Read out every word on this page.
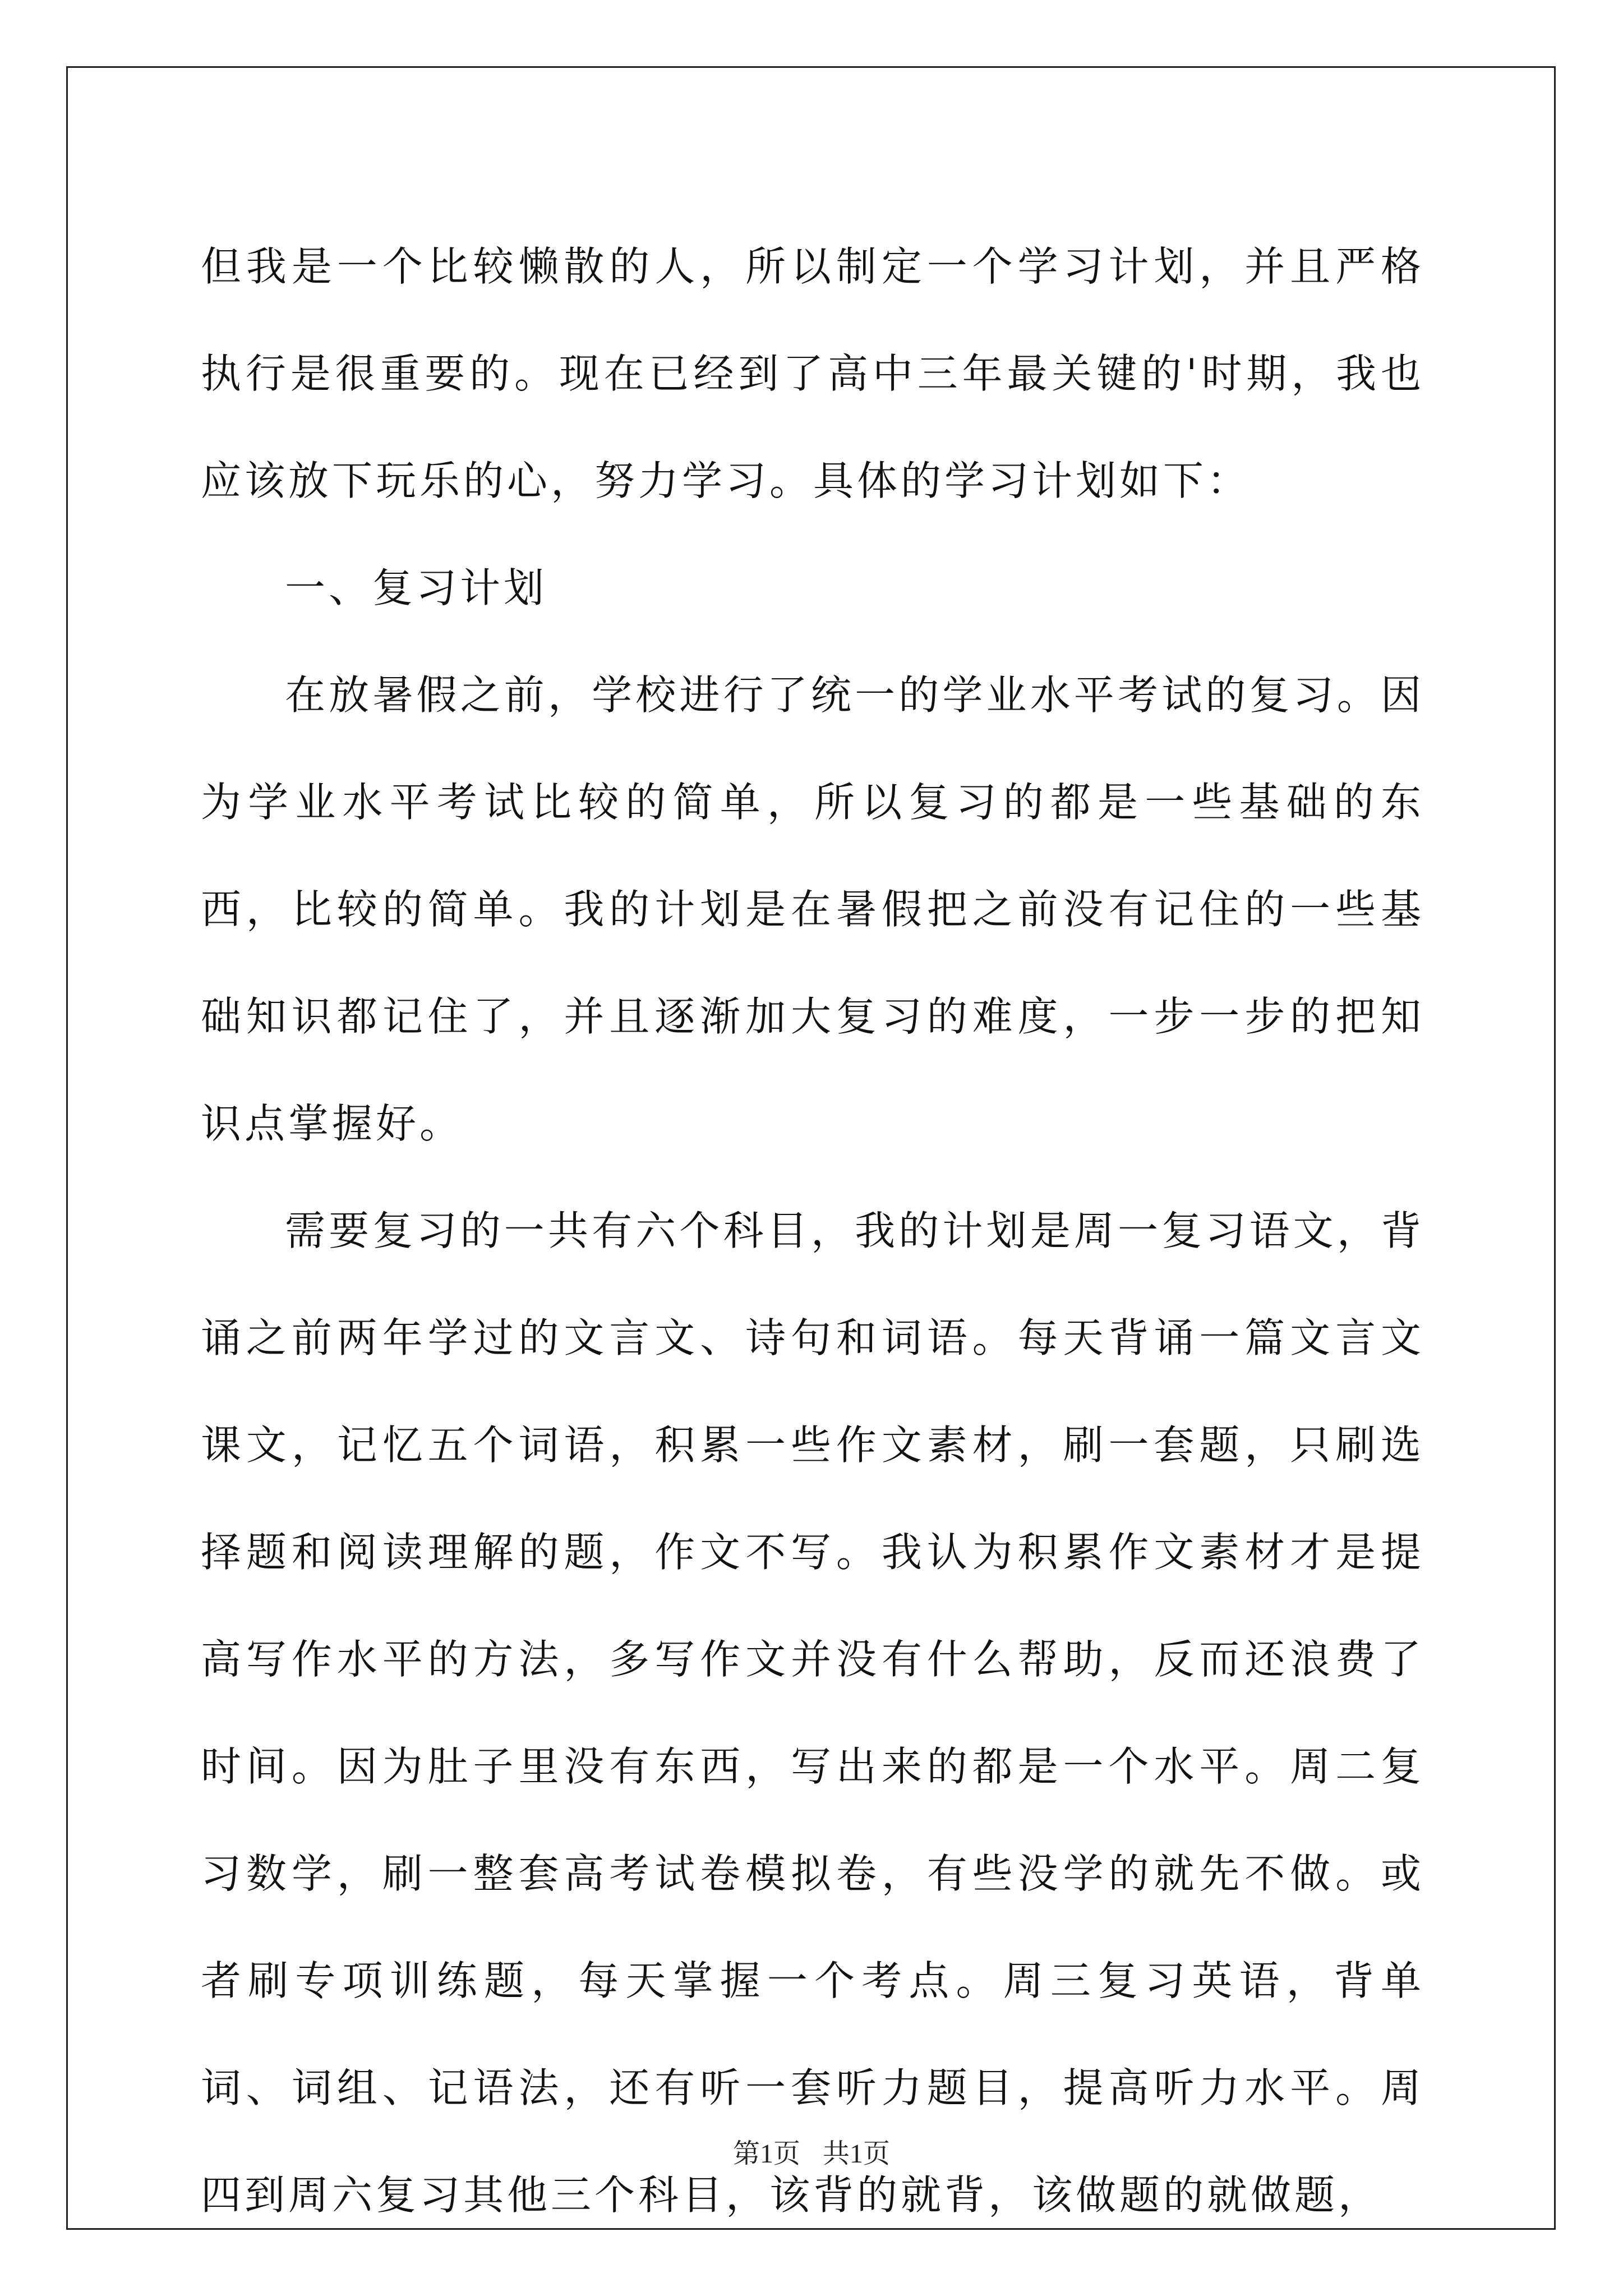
但我是一个比较懒散的人，所以制定一个学习计划，并且严格执行是很重要的。现在已经到了高中三年最关键的'时期，我也应该放下玩乐的心，努力学习。具体的学习计划如下：

一、复习计划

在放暑假之前，学校进行了统一的学业水平考试的复习。因为学业水平考试比较的简单，所以复习的都是一些基础的东西，比较的简单。我的计划是在暑假把之前没有记住的一些基础知识都记住了，并且逐渐加大复习的难度，一步一步的把知识点掌握好。

需要复习的一共有六个科目，我的计划是周一复习语文，背诵之前两年学过的文言文、诗句和词语。每天背诵一篇文言文课文，记忆五个词语，积累一些作文素材，刷一套题，只刷选择题和阅读理解的题，作文不写。我认为积累作文素材才是提高写作水平的方法，多写作文并没有什么帮助，反而还浪费了时间。因为肚子里没有东西，写出来的都是一个水平。周二复习数学，刷一整套高考试卷模拟卷，有些没学的就先不做。或者刷专项训练题，每天掌握一个考点。周三复习英语，背单词、词组、记语法，还有听一套听力题目，提高听力水平。周四到周六复习其他三个科目，该背的就背，该做题的就做题，

第1页 共1页
